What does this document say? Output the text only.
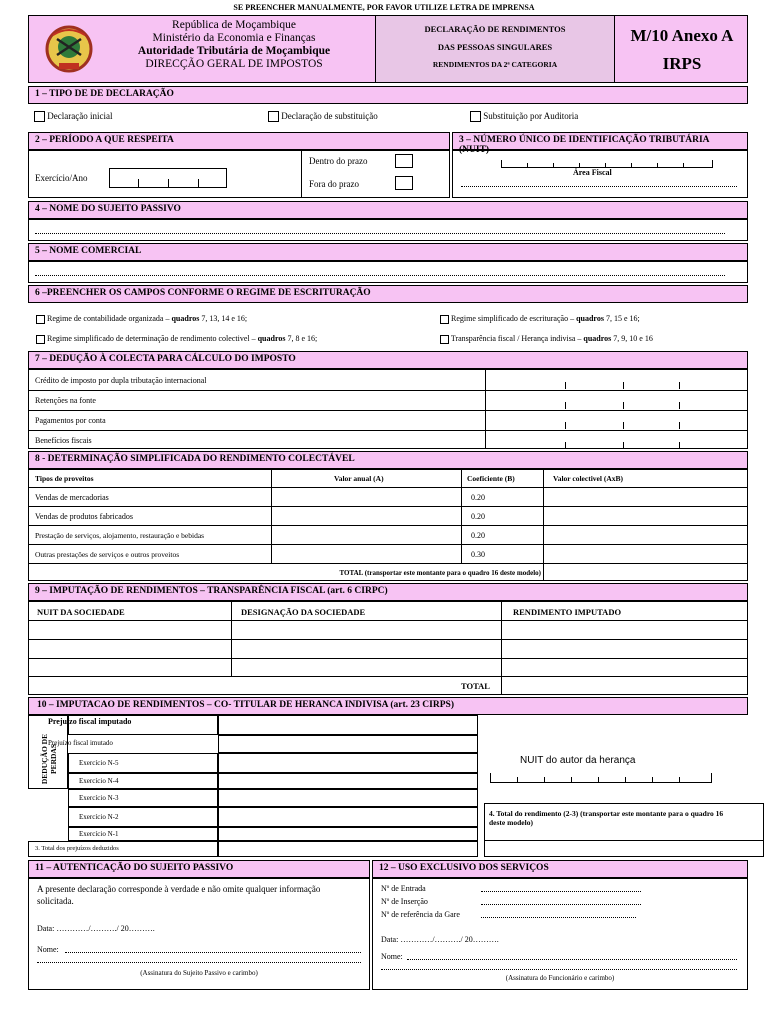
SE PREENCHER MANUALMENTE, POR FAVOR UTILIZE LETRA DE IMPRENSA
República de Moçambique
Ministério da Economia e Finanças
Autoridade Tributária de Moçambique
DIRECÇÃO GERAL DE IMPOSTOS
DECLARAÇÃO DE RENDIMENTOS
DAS PESSOAS SINGULARES
RENDIMENTOS DA 2ª CATEGORIA
M/10 Anexo A
IRPS
1 – TIPO DE DE DECLARAÇÃO
Declaração inicial	Declaração de substituição	Substituição por Auditoria
2 – PERÍODO A QUE RESPEITA	3 – NÚMERO ÚNICO DE IDENTIFICAÇÃO TRIBUTÁRIA (NUIT)
Exercício/Ano
Dentro do prazo
Fora do prazo
Área Fiscal
4 – NOME DO SUJEITO PASSIVO
5 – NOME COMERCIAL
6 –PREENCHER OS CAMPOS CONFORME O REGIME DE ESCRITURAÇÃO
Regime de contabilidade organizada – quadros 7, 13, 14 e 16;	Regime simplificado de escrituração – quadros 7, 15 e 16;
Regime simplificado de determinação de rendimento colectivel – quadros 7, 8 e 16;	Transparência fiscal / Herança indivisa – quadros 7, 9, 10 e 16
7 – DEDUÇÃO À COLECTA PARA CÁLCULO DO IMPOSTO
Crédito de imposto por dupla tributação internacional
Retenções na fonte
Pagamentos por conta
Benefícios fiscais
8 - DETERMINAÇÃO SIMPLIFICADA DO RENDIMENTO COLECTÁVEL
Tipos de proveitos	Valor anual (A)	Coeficiente (B)	Valor colectivel (AxB)
Vendas de mercadorias	0.20
Vendas de produtos fabricados	0.20
Prestação de serviços, alojamento, restauração e bebidas	0.20
Outras prestações de serviços e outros proveitos	0.30
TOTAL (transportar este montante para o quadro 16 deste modelo)
9 – IMPUTAÇÃO DE RENDIMENTOS – TRANSPARÊNCIA FISCAL (art. 6 CIRPC)
NUIT DA SOCIEDADE	DESIGNAÇÃO DA SOCIEDADE	RENDIMENTO IMPUTADO
TOTAL
10 – IMPUTACAO DE RENDIMENTOS – CO- TITULAR DE HERANCA INDIVISA (art. 23 CIRPS)
DEDUÇÃO DE PERDAS
Prejuízo fiscal imputado
Prejuízo fiscal imutado
Exercício N-5
Exercício N-4
Exercício N-3
Exercício N-2
Exercício N-1
3. Total dos prejuízos deduzidos
NUIT do autor da herança
4. Total do rendimento (2-3) (transportar este montante para o quadro 16 deste modelo)
11 – AUTENTICAÇÃO DO SUJEITO PASSIVO
A presente declaração corresponde à verdade e não omite qualquer informação solicitada.
Data: …………/………./ 20……….
Nome:
(Assinatura do Sujeito Passivo e carimbo)
12 – USO EXCLUSIVO DOS SERVIÇOS
Nº de Entrada
Nº de Inserção
Nº de referência da Gare
Data: …………/………./ 20……….
Nome:
(Assinatura do Funcionário e carimbo)
